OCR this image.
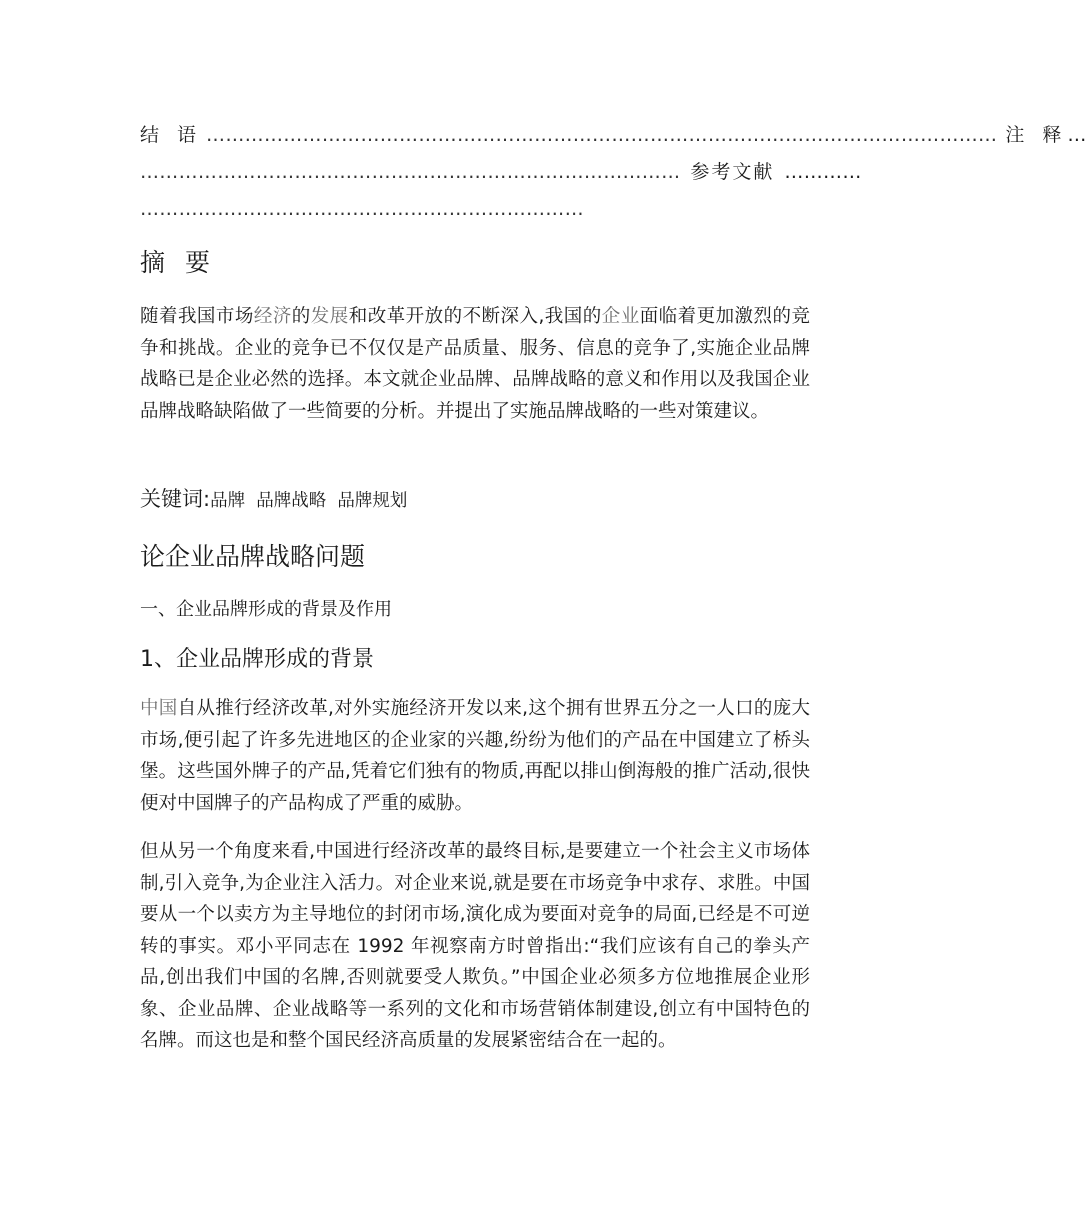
结 语 …………………………………………………………………………………………………………… 注 释 …
………………………………………………………………………… 参考文献 …………
……………………………………………………………
摘 要

随着我国市场经济的发展和改革开放的不断深入,我国的企业面临着更加激烈的竞争和挑战。企业的竞争已不仅仅是产品质量、服务、信息的竞争了,实施企业品牌战略已是企业必然的选择。本文就企业品牌、品牌战略的意义和作用以及我国企业品牌战略缺陷做了一些简要的分析。并提出了实施品牌战略的一些对策建议。

关键词:品牌  品牌战略  品牌规划

论企业品牌战略问题
一、企业品牌形成的背景及作用
1、企业品牌形成的背景

中国自从推行经济改革,对外实施经济开发以来,这个拥有世界五分之一人口的庞大市场,便引起了许多先进地区的企业家的兴趣,纷纷为他们的产品在中国建立了桥头堡。这些国外牌子的产品,凭着它们独有的物质,再配以排山倒海般的推广活动,很快便对中国牌子的产品构成了严重的威胁。

但从另一个角度来看,中国进行经济改革的最终目标,是要建立一个社会主义市场体制,引入竞争,为企业注入活力。对企业来说,就是要在市场竞争中求存、求胜。中国要从一个以卖方为主导地位的封闭市场,演化成为要面对竞争的局面,已经是不可逆转的事实。邓小平同志在 1992 年视察南方时曾指出:“我们应该有自己的拳头产品,创出我们中国的名牌,否则就要受人欺负。”中国企业必须多方位地推展企业形象、企业品牌、企业战略等一系列的文化和市场营销体制建设,创立有中国特色的名牌。而这也是和整个国民经济高质量的发展紧密结合在一起的。
